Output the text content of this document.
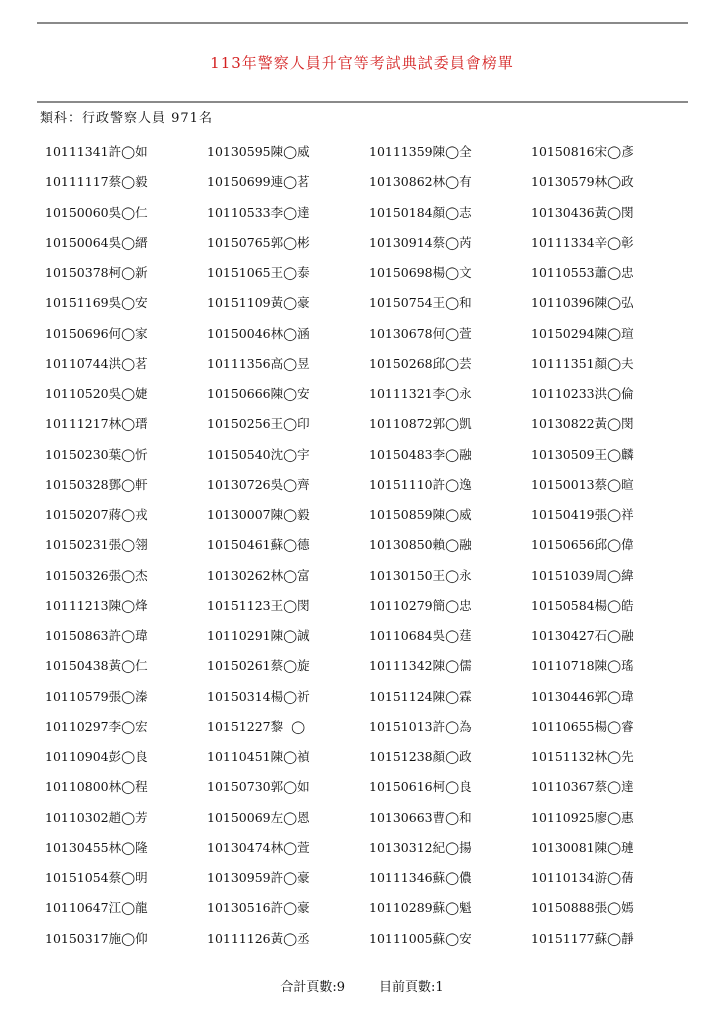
113年警察人員升官等考試典試委員會榜單
類科：行政警察人員 971名
10111341許◯如	10130595陳◯威	10111359陳◯全	10150816宋◯彥
10111117蔡◯毅	10150699連◯茗	10130862林◯有	10130579林◯政
10150060吳◯仁	10110533李◯達	10150184顏◯志	10130436黃◯閔
10150064吳◯縉	10150765郭◯彬	10130914蔡◯芮	10111334辛◯彰
10150378柯◯新	10151065王◯泰	10150698楊◯文	10110553蕭◯忠
10151169吳◯安	10151109黃◯豪	10150754王◯和	10110396陳◯弘
10150696何◯家	10150046林◯涵	10130678何◯萱	10150294陳◯瑄
10110744洪◯茗	10111356高◯昱	10150268邱◯芸	10111351顏◯夫
10110520吳◯婕	10150666陳◯安	10111321李◯永	10110233洪◯倫
10111217林◯瑨	10150256王◯印	10110872郭◯凱	10130822黃◯閔
10150230葉◯忻	10150540沈◯宇	10150483李◯融	10130509王◯麟
10150328鄧◯軒	10130726吳◯齊	10151110許◯逸	10150013蔡◯暄
10150207蔣◯戎	10130007陳◯毅	10150859陳◯威	10150419張◯祥
10150231張◯翎	10150461蘇◯德	10130850賴◯融	10150656邱◯偉
10150326張◯杰	10130262林◯富	10130150王◯永	10151039周◯緯
10111213陳◯烽	10151123王◯閔	10110279簡◯忠	10150584楊◯皓
10150863許◯瑋	10110291陳◯誠	10110684吳◯莛	10130427石◯融
10150438黃◯仁	10150261蔡◯旋	10111342陳◯儒	10110718陳◯瑤
10110579張◯溱	10150314楊◯祈	10151124陳◯霖	10130446郭◯瑋
10110297李◯宏	10151227黎  ◯	10151013許◯為	10110655楊◯睿
10110904彭◯良	10110451陳◯禎	10151238顏◯政	10151132林◯先
10110800林◯程	10150730郭◯如	10150616柯◯良	10110367蔡◯達
10110302趙◯芳	10150069左◯恩	10130663曹◯和	10110925廖◯惠
10130455林◯隆	10130474林◯萱	10130312紀◯揚	10130081陳◯璉
10151054蔡◯明	10130959許◯豪	10111346蘇◯儂	10110134游◯蒨
10110647江◯龍	10130516許◯豪	10110289蘇◯魁	10150888張◯嫣
10150317施◯仰	10111126黃◯丞	10111005蘇◯安	10151177蘇◯靜
合計頁數:9	目前頁數:1
